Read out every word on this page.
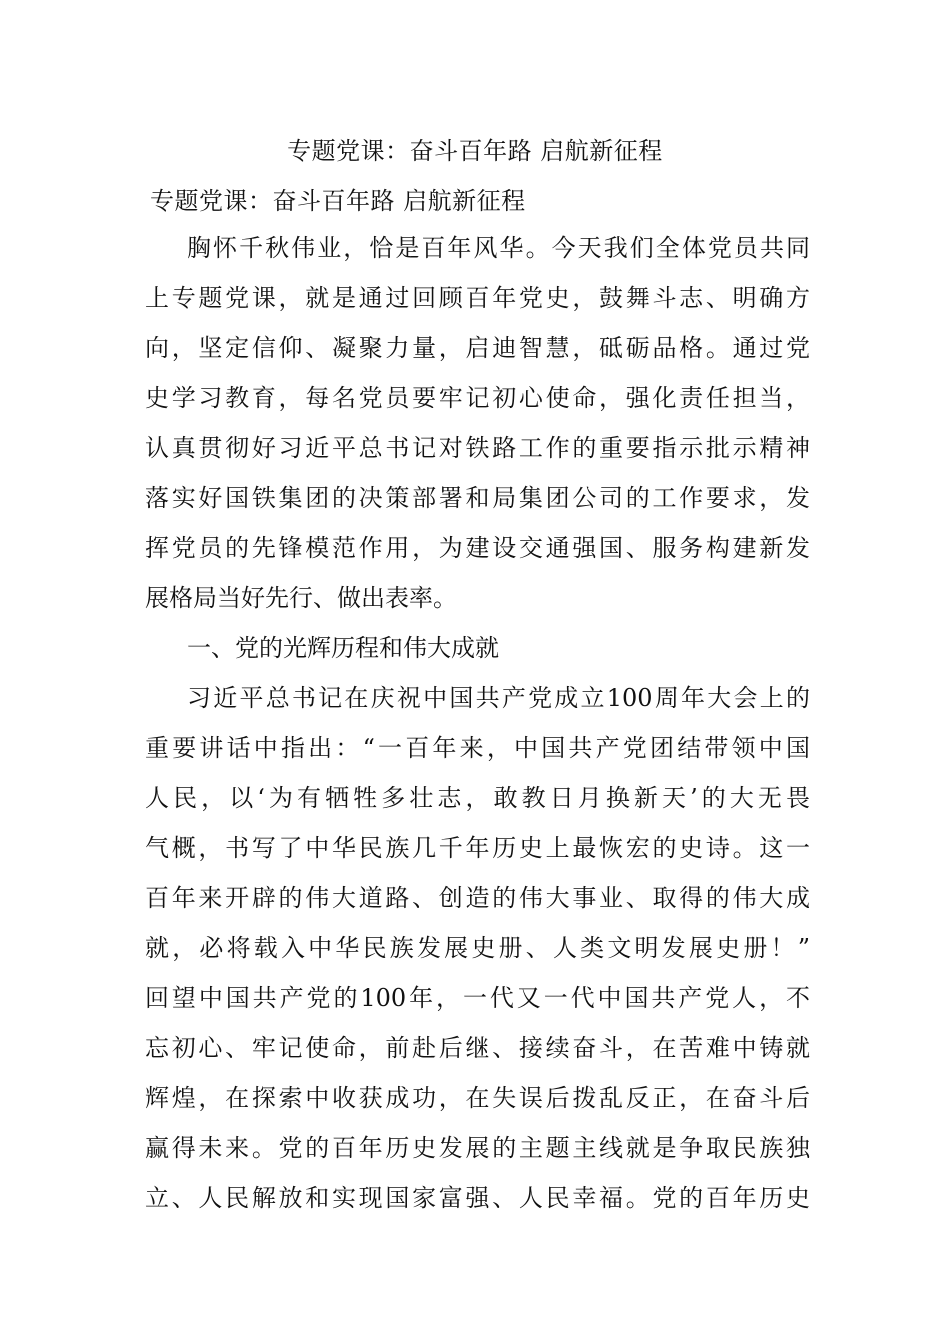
专题党课：奋斗百年路 启航新征程
专题党课：奋斗百年路 启航新征程
胸怀千秋伟业，恰是百年风华。今天我们全体党员共同
上专题党课，就是通过回顾百年党史，鼓舞斗志、明确方
向，坚定信仰、凝聚力量，启迪智慧，砥砺品格。通过党
史学习教育，每名党员要牢记初心使命，强化责任担当，
认真贯彻好习近平总书记对铁路工作的重要指示批示精神
落实好国铁集团的决策部署和局集团公司的工作要求，发
挥党员的先锋模范作用，为建设交通强国、服务构建新发
展格局当好先行、做出表率。
一、党的光辉历程和伟大成就
习近平总书记在庆祝中国共产党成立100周年大会上的
重要讲话中指出：“一百年来，中国共产党团结带领中国
人民，以‘为有牺牲多壮志，敢教日月换新天’的大无畏
气概，书写了中华民族几千年历史上最恢宏的史诗。这一
百年来开辟的伟大道路、创造的伟大事业、取得的伟大成
就，必将载入中华民族发展史册、人类文明发展史册！”
回望中国共产党的100年，一代又一代中国共产党人，不
忘初心、牢记使命，前赴后继、接续奋斗，在苦难中铸就
辉煌，在探索中收获成功，在失误后拨乱反正，在奋斗后
赢得未来。党的百年历史发展的主题主线就是争取民族独
立、人民解放和实现国家富强、人民幸福。党的百年历史
